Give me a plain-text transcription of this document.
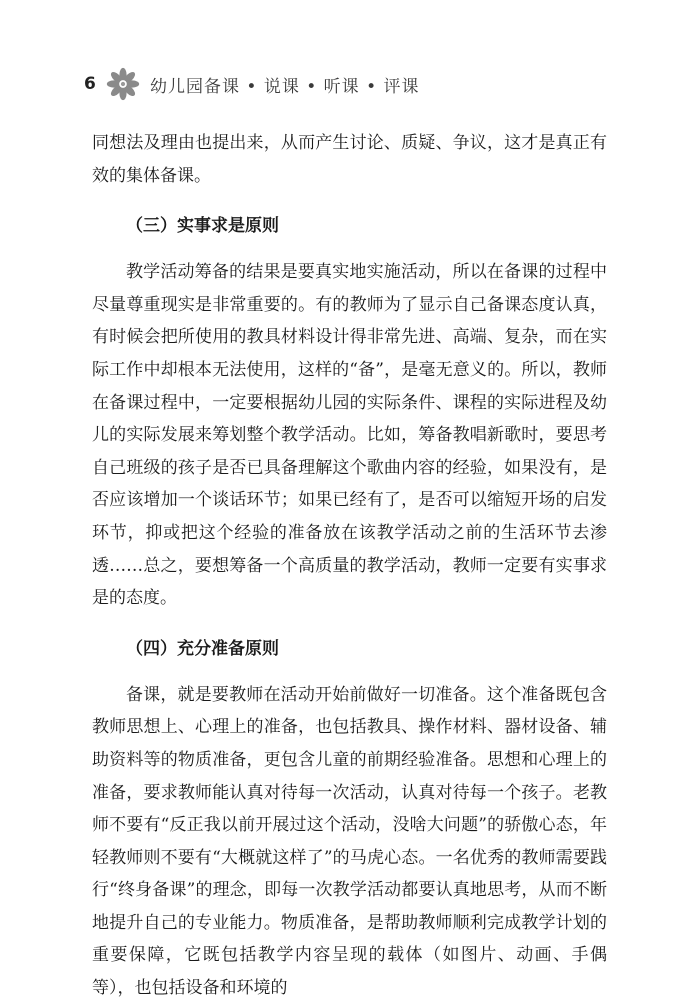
6	幼儿园备课 • 说课 • 听课 • 评课

同想法及理由也提出来，从而产生讨论、质疑、争议，这才是真正有效的集体备课。

（三）实事求是原则

教学活动筹备的结果是要真实地实施活动，所以在备课的过程中尽量尊重现实是非常重要的。有的教师为了显示自己备课态度认真，有时候会把所使用的教具材料设计得非常先进、高端、复杂，而在实际工作中却根本无法使用，这样的“备”，是毫无意义的。所以，教师在备课过程中，一定要根据幼儿园的实际条件、课程的实际进程及幼儿的实际发展来筹划整个教学活动。比如，筹备教唱新歌时，要思考自己班级的孩子是否已具备理解这个歌曲内容的经验，如果没有，是否应该增加一个谈话环节；如果已经有了，是否可以缩短开场的启发环节，抑或把这个经验的准备放在该教学活动之前的生活环节去渗透……总之，要想筹备一个高质量的教学活动，教师一定要有实事求是的态度。

（四）充分准备原则

备课，就是要教师在活动开始前做好一切准备。这个准备既包含教师思想上、心理上的准备，也包括教具、操作材料、器材设备、辅助资料等的物质准备，更包含儿童的前期经验准备。思想和心理上的准备，要求教师能认真对待每一次活动，认真对待每一个孩子。老教师不要有“反正我以前开展过这个活动，没啥大问题”的骄傲心态，年轻教师则不要有“大概就这样了”的马虎心态。一名优秀的教师需要践行“终身备课”的理念，即每一次教学活动都要认真地思考，从而不断地提升自己的专业能力。物质准备，是帮助教师顺利完成教学计划的重要保障，它既包括教学内容呈现的载体（如图片、动画、手偶等），也包括设备和环境的
